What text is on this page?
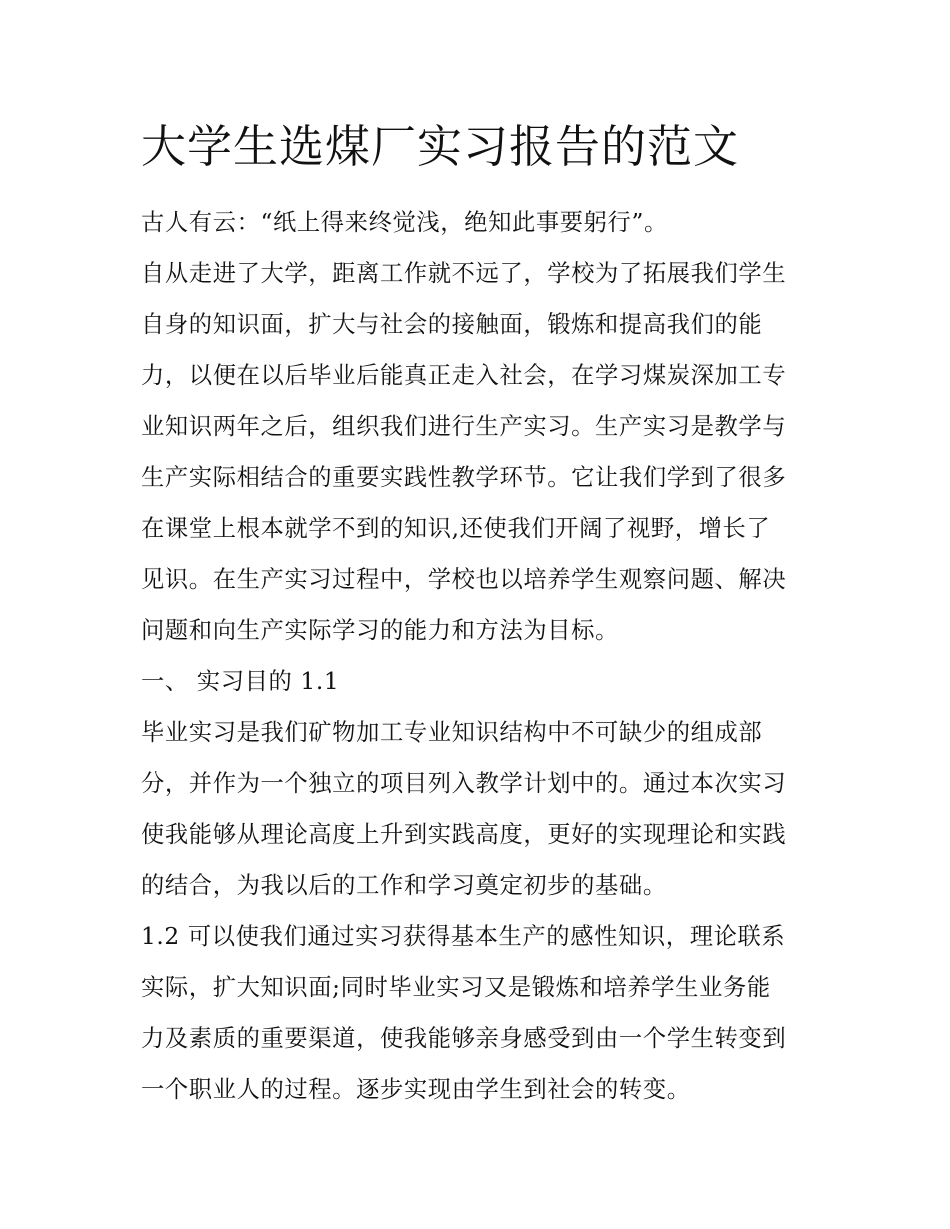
大学生选煤厂实习报告的范文

古人有云：“纸上得来终觉浅，绝知此事要躬行”。

自从走进了大学，距离工作就不远了，学校为了拓展我们学生
自身的知识面，扩大与社会的接触面，锻炼和提高我们的能
力，以便在以后毕业后能真正走入社会，在学习煤炭深加工专
业知识两年之后，组织我们进行生产实习。生产实习是教学与
生产实际相结合的重要实践性教学环节。它让我们学到了很多
在课堂上根本就学不到的知识,还使我们开阔了视野，增长了
见识。在生产实习过程中，学校也以培养学生观察问题、解决
问题和向生产实际学习的能力和方法为目标。

一、 实习目的 1.1

毕业实习是我们矿物加工专业知识结构中不可缺少的组成部
分，并作为一个独立的项目列入教学计划中的。通过本次实习
使我能够从理论高度上升到实践高度，更好的实现理论和实践
的结合，为我以后的工作和学习奠定初步的基础。

1.2 可以使我们通过实习获得基本生产的感性知识，理论联系
实际，扩大知识面;同时毕业实习又是锻炼和培养学生业务能
力及素质的重要渠道，使我能够亲身感受到由一个学生转变到
一个职业人的过程。逐步实现由学生到社会的转变。
